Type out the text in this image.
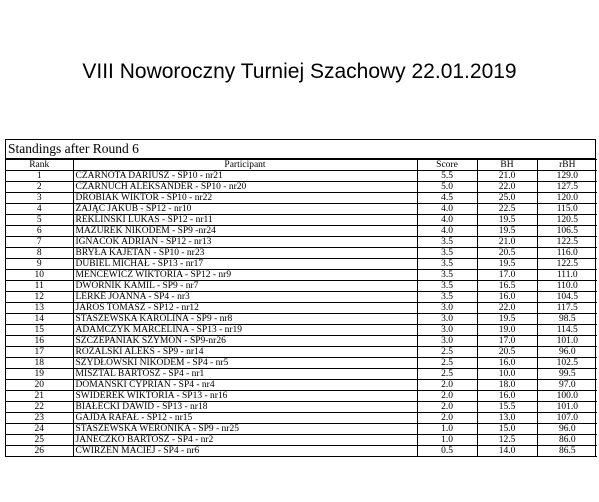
VIII Noworoczny Turniej Szachowy 22.01.2019
Standings after Round 6
Rank	Participant	Score	BH	rBH
1	CZARNOTA DARIUSZ - SP10 - nr21	5.5	21.0	129.0
2	CZARNUCH ALEKSANDER - SP10 - nr20	5.0	22.0	127.5
3	DROBIAK WIKTOR - SP10 - nr22	4.5	25.0	120.0
4	ZAJĄC JAKUB - SP12 - nr10	4.0	22.5	115.0
5	REKLINSKI LUKAS - SP12 - nr11	4.0	19.5	120.5
6	MAZUREK NIKODEM - SP9 -nr24	4.0	19.5	106.5
7	IGNACOK ADRIAN - SP12 - nr13	3.5	21.0	122.5
8	BRYŁA KAJETAN - SP10 - nr23	3.5	20.5	116.0
9	DUBIEL MICHAŁ - SP13 - nr17	3.5	19.5	122.5
10	MENCEWICZ WIKTORIA - SP12 - nr9	3.5	17.0	111.0
11	DWORNIK KAMIL - SP9 - nr7	3.5	16.5	110.0
12	LERKE JOANNA - SP4 - nr3	3.5	16.0	104.5
13	JAROS TOMASZ - SP12 - nr12	3.0	22.0	117.5
14	STASZEWSKA KAROLINA - SP9 - nr8	3.0	19.5	98.5
15	ADAMCZYK MARCELINA - SP13 - nr19	3.0	19.0	114.5
16	SZCZEPANIAK SZYMON - SP9-nr26	3.0	17.0	101.0
17	ROZALSKI ALEKS - SP9 - nr14	2.5	20.5	96.0
18	SZYDŁOWSKI NIKODEM - SP4 - nr5	2.5	16.0	102.5
19	MISZTAL BARTOSZ - SP4 - nr1	2.5	10.0	99.5
20	DOMAŃSKI CYPRIAN - SP4 - nr4	2.0	18.0	97.0
21	ŚWIDEREK WIKTORIA - SP13 - nr16	2.0	16.0	100.0
22	BIAŁECKI DAWID - SP13 - nr18	2.0	15.5	101.0
23	GAJDA RAFAŁ - SP12 - nr15	2.0	13.0	107.0
24	STASZEWSKA WERONIKA - SP9 - nr25	1.0	15.0	96.0
25	JANECZKO BARTOSZ - SP4 - nr2	1.0	12.5	86.0
26	ĆWIRZEŃ MACIEJ - SP4 - nr6	0.5	14.0	86.5
